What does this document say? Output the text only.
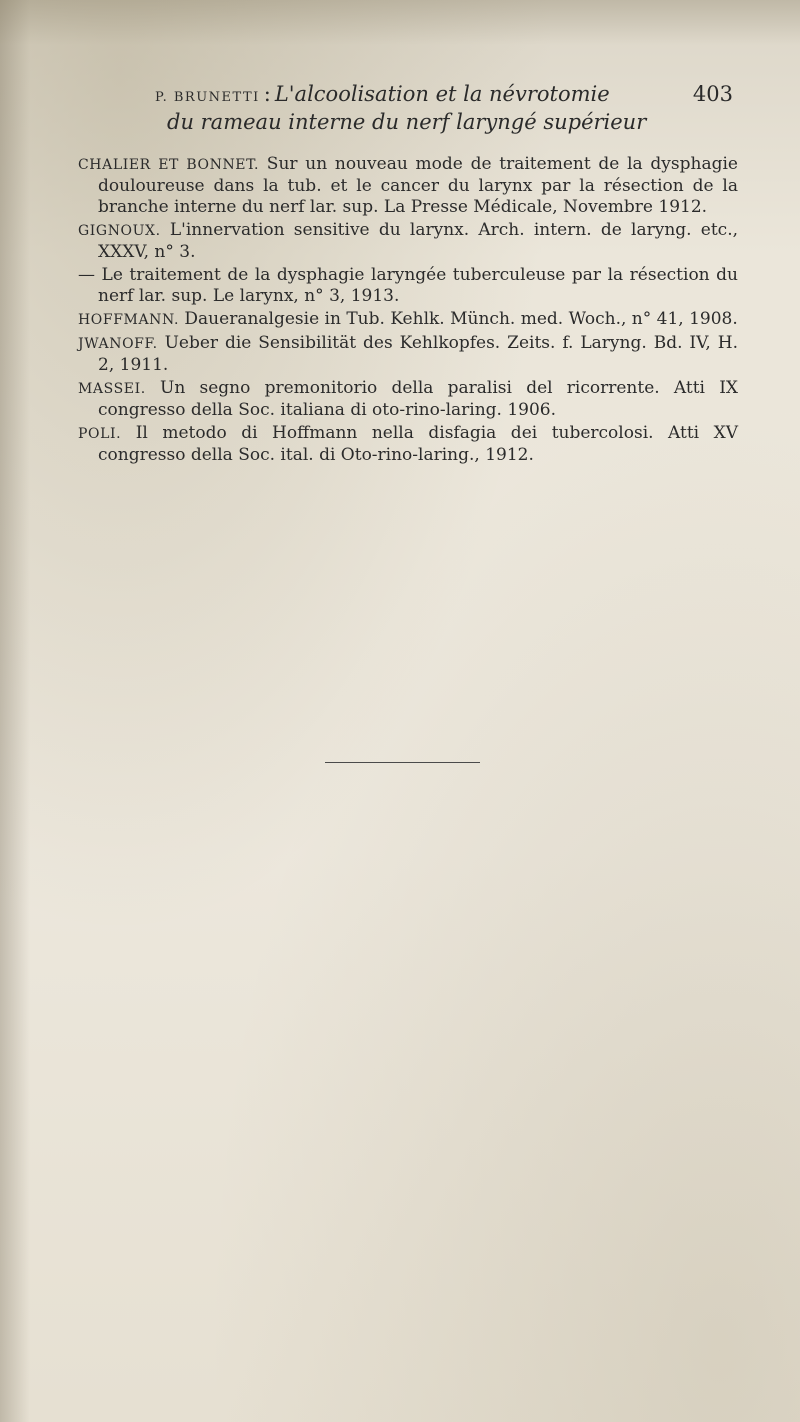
P. BRUNETTI : L'alcoolisation et la névrotomie	403
du rameau interne du nerf laryngé supérieur

CHALIER ET BONNET. Sur un nouveau mode de traitement de la dysphagie douloureuse dans la tub. et le cancer du larynx par la résection de la branche interne du nerf lar. sup. La Presse Médicale, Novembre 1912.

GIGNOUX. L'innervation sensitive du larynx. Arch. intern. de laryng. etc., XXXV, n° 3.

— Le traitement de la dysphagie laryngée tuberculeuse par la résection du nerf lar. sup. Le larynx, n° 3, 1913.

HOFFMANN. Daueranalgesie in Tub. Kehlk. Münch. med. Woch., n° 41, 1908.

JWANOFF. Ueber die Sensibilität des Kehlkopfes. Zeits. f. Laryng. Bd. IV, H. 2, 1911.

MASSEI. Un segno premonitorio della paralisi del ricorrente. Atti IX congresso della Soc. italiana di oto-rino-laring. 1906.

POLI. Il metodo di Hoffmann nella disfagia dei tubercolosi. Atti XV congresso della Soc. ital. di Oto-rino-laring., 1912.
